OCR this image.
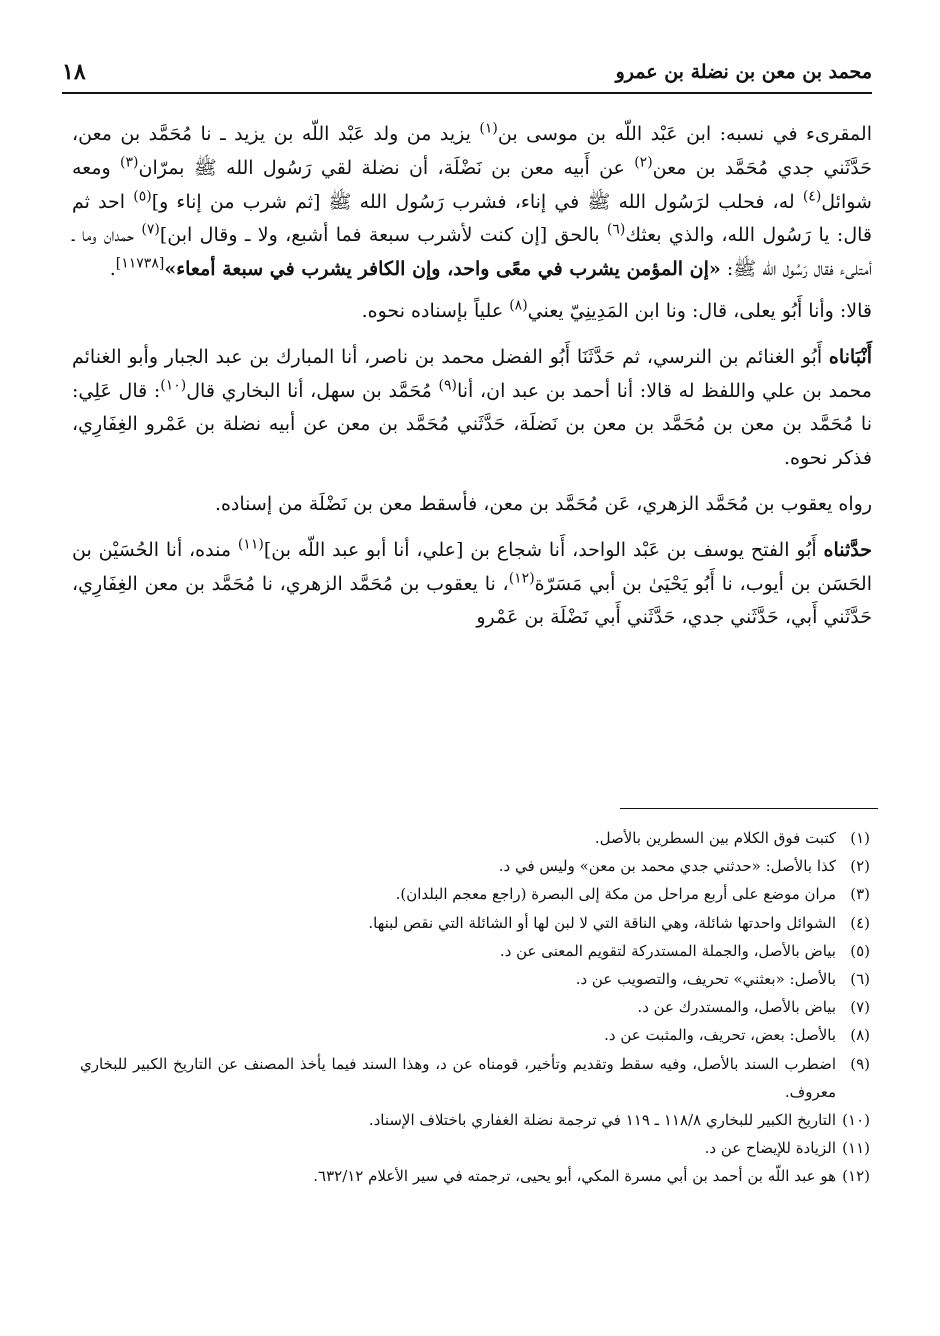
محمد بن معن بن نضلة بن عمرو
١٨

المقرىء في نسبه: ابن عَبْد اللّه بن موسى بن$^{(١)}$ يزيد من ولد عَبْد اللّه بن يزيد ـ نا مُحَمَّد بن معن، حَدَّثَني جدي مُحَمَّد بن معن$^{(٢)}$ عن أَبيه معن بن نَضْلَة، أن نضلة لقي رَسُول الله ﷺ بمرّان$^{(٣)}$ ومعه شوائل$^{(٤)}$ له، فحلب لرَسُول الله ﷺ في إناء، فشرب رَسُول الله ﷺ [ثم شرب من إناء و]$^{(٥)}$ احد ثم قال: يا رَسُول الله، والذي بعثك$^{(٦)}$ بالحق [إن كنت لأشرب سبعة فما أشبع، ولا ـ وقال ابن]$^{(٧)}$ حمدان وما ـ أمتلىء فقال رَسُول الله ﷺ: «إن المؤمن يشرب في معًى واحد، وإن الكافر يشرب في سبعة أمعاء»[١١٧٣٨].

قالا: وأنا أَبُو يعلى، قال: ونا ابن المَدِينِيّ يعني$^{(٨)}$ علياً بإسناده نحوه.

أَنْبَاناه أَبُو الغنائم بن النرسي، ثم حَدَّثَنَا أَبُو الفضل محمد بن ناصر، أنا المبارك بن عبد الجبار وأبو الغنائم محمد بن علي واللفظ له قالا: أنا أحمد بن عبد ان، أنا$^{(٩)}$ مُحَمَّد بن سهل، أنا البخاري قال$^{(١٠)}$: قال عَلِي: نا مُحَمَّد بن معن بن مُحَمَّد بن معن بن نَضلَة، حَدَّثَني مُحَمَّد بن معن عن أبيه نضلة بن عَمْرو الغِفَارِي، فذكر نحوه.

رواه يعقوب بن مُحَمَّد الزهري، عَن مُحَمَّد بن معن، فأسقط معن بن نَضْلَة من إسناده.

حدَّثناه أَبُو الفتح يوسف بن عَبْد الواحد، أَنا شجاع بن [علي، أنا أبو عبد اللّه بن]$^{(١١)}$ منده، أنا الحُسَيْن بن الحَسَن بن أيوب، نا أَبُو يَحْيَىٰ بن أبي مَسَرّة$^{(١٢)}$، نا يعقوب بن مُحَمَّد الزهري، نا مُحَمَّد بن معن الغِفَارِي، حَدَّثَني أَبي، حَدَّثَني جدي، حَدَّثَني أَبي نَضْلَة بن عَمْرو

(١)
كتبت فوق الكلام بين السطرين بالأصل.
(٢)
كذا بالأصل: «حدثني جدي محمد بن معن» وليس في د.
(٣)
مران موضع على أربع مراحل من مكة إلى البصرة (راجع معجم البلدان).
(٤)
الشوائل واحدتها شائلة، وهي الناقة التي لا لبن لها أو الشائلة التي نقص لبنها.
(٥)
بياض بالأصل، والجملة المستدركة لتقويم المعنى عن د.
(٦)
بالأصل: «بعثني» تحريف، والتصويب عن د.
(٧)
بياض بالأصل، والمستدرك عن د.
(٨)
بالأصل: بعض، تحريف، والمثبت عن د.
(٩)
اضطرب السند بالأصل، وفيه سقط وتقديم وتأخير، قومناه عن د، وهذا السند فيما يأخذ المصنف عن التاريخ الكبير للبخاري معروف.
(١٠)
التاريخ الكبير للبخاري ١١٨/٨ ـ ١١٩ في ترجمة نضلة الغفاري باختلاف الإسناد.
(١١)
الزيادة للإيضاح عن د.
(١٢)
هو عبد اللّه بن أحمد بن أبي مسرة المكي، أبو يحيى، ترجمته في سير الأعلام ٦٣٢/١٢.
